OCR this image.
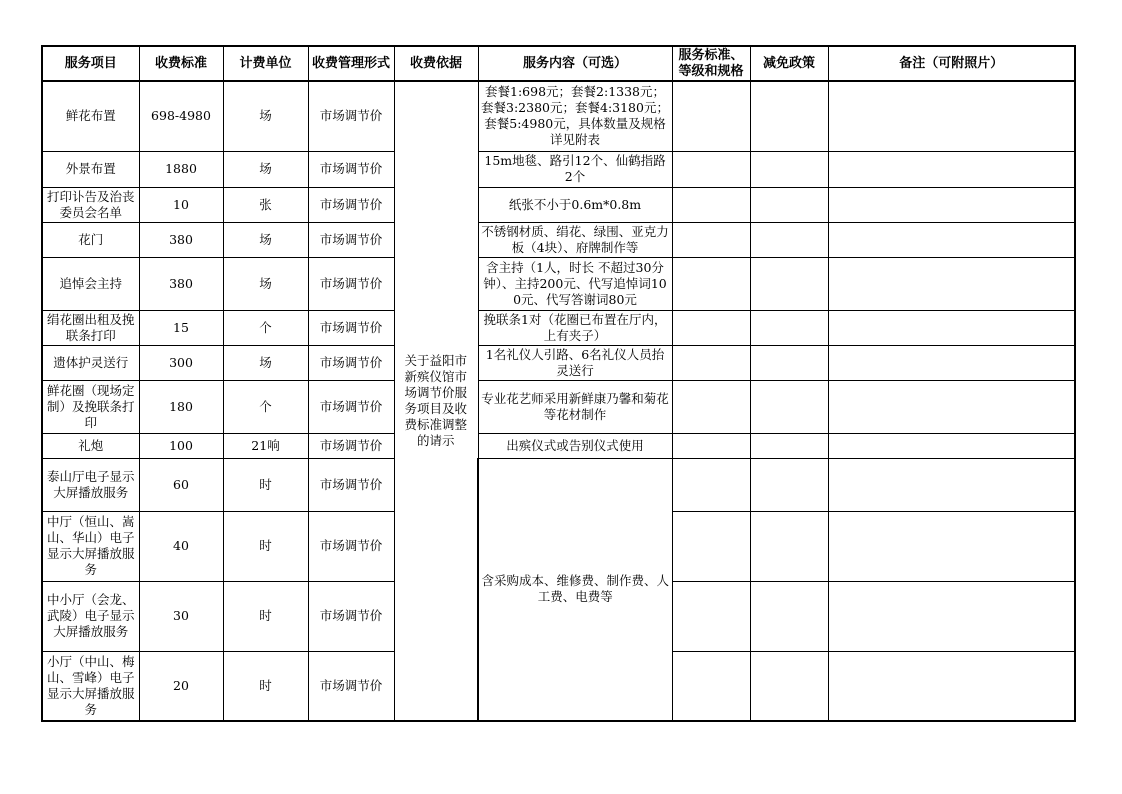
服务项目	收费标准	计费单位	收费管理形式	收费依据	服务内容（可选）	服务标准、等级和规格	减免政策	备注（可附照片）
鲜花布置	698-4980	场	市场调节价	关于益阳市新殡仪馆市场调节价服务项目及收费标准调整的请示	套餐1:698元；套餐2:1338元；套餐3:2380元；套餐4:3180元；套餐5:4980元，具体数量及规格详见附表			
外景布置	1880	场	市场调节价		15m地毯、路引12个、仙鹤指路2个			
打印讣告及治丧委员会名单	10	张	市场调节价		纸张不小于0.6m*0.8m			
花门	380	场	市场调节价		不锈钢材质、绢花、绿围、亚克力板（4块）、府牌制作等			
追悼会主持	380	场	市场调节价		含主持（1人，时长 不超过30分钟）、主持200元、代写追悼词100元、代写答谢词80元			
绢花圈出租及挽联条打印	15	个	市场调节价		挽联条1对（花圈已布置在厅内，上有夹子）			
遗体护灵送行	300	场	市场调节价		1名礼仪人引路、6名礼仪人员抬灵送行			
鲜花圈（现场定制）及挽联条打印	180	个	市场调节价		专业花艺师采用新鲜康乃馨和菊花等花材制作			
礼炮	100	21响	市场调节价		出殡仪式或告别仪式使用			
泰山厅电子显示大屏播放服务	60	时	市场调节价		含采购成本、维修费、制作费、人工费、电费等			
中厅（恒山、嵩山、华山）电子显示大屏播放服务	40	时	市场调节价					
中小厅（会龙、武陵）电子显示大屏播放服务	30	时	市场调节价					
小厅（中山、梅山、雪峰）电子显示大屏播放服务	20	时	市场调节价					
